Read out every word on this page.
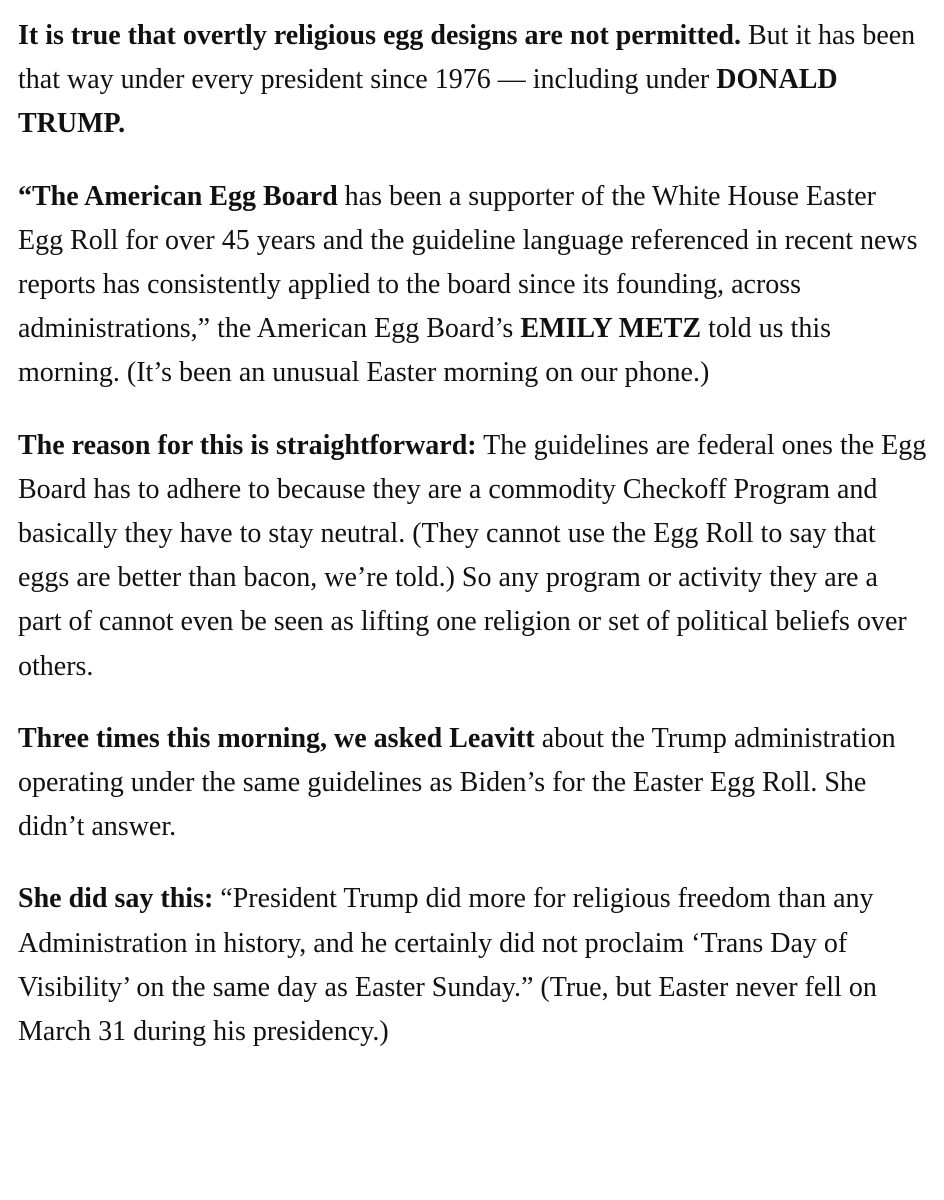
It is true that overtly religious egg designs are not permitted. But it has been that way under every president since 1976 — including under DONALD TRUMP.

“The American Egg Board has been a supporter of the White House Easter Egg Roll for over 45 years and the guideline language referenced in recent news reports has consistently applied to the board since its founding, across administrations,” the American Egg Board’s EMILY METZ told us this morning. (It’s been an unusual Easter morning on our phone.)

The reason for this is straightforward: The guidelines are federal ones the Egg Board has to adhere to because they are a commodity Checkoff Program and basically they have to stay neutral. (They cannot use the Egg Roll to say that eggs are better than bacon, we’re told.) So any program or activity they are a part of cannot even be seen as lifting one religion or set of political beliefs over others.

Three times this morning, we asked Leavitt about the Trump administration operating under the same guidelines as Biden’s for the Easter Egg Roll. She didn’t answer.

She did say this: “President Trump did more for religious freedom than any Administration in history, and he certainly did not proclaim ‘Trans Day of Visibility’ on the same day as Easter Sunday.” (True, but Easter never fell on March 31 during his presidency.)
